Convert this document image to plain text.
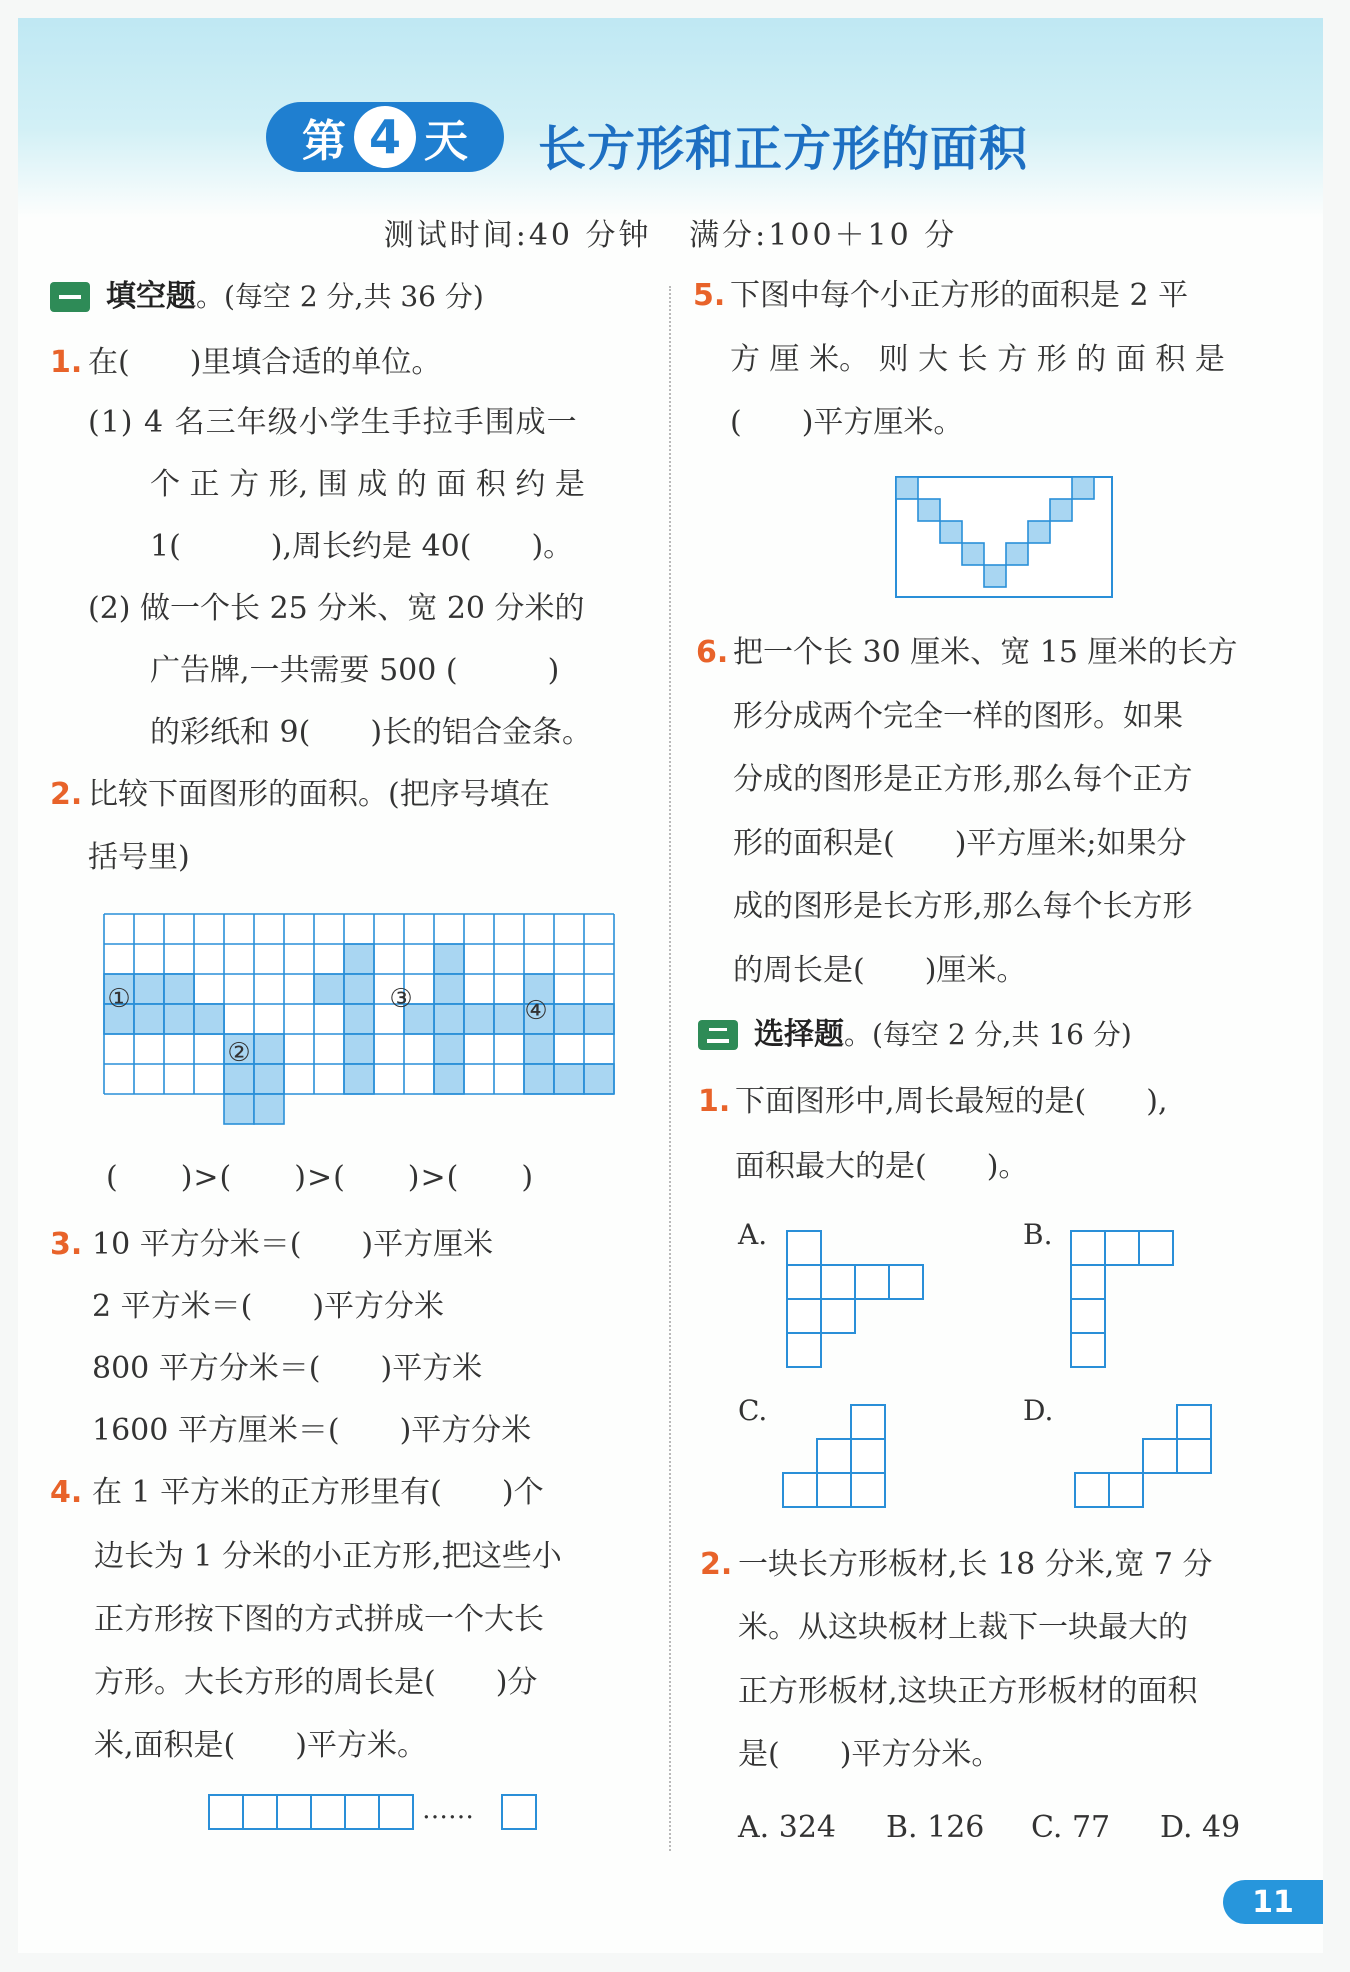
第 4 天 长方形和正方形的面积
测试时间:40 分钟   满分:100＋10 分
填空题 。(每空 2 分,共 36 分)
1. 在(　　)里填合适的单位。
(1) 4 名三年级小学生手拉手围成一
个 正 方 形, 围 成 的 面 积 约 是
1(　　　),周长约是 40(　　)。
(2) 做一个长 25 分米、宽 20 分米的
广告牌,一共需要 500 (　　　)
的彩纸和 9(　　)长的铝合金条。
2. 比较下面图形的面积。(把序号填在
括号里)
①
②
③	④
(　　)>(　　)>(　　)>(　　)
3. 10 平方分米＝(　　)平方厘米
2 平方米＝(　　)平方分米
800 平方分米＝(　　)平方米
1600 平方厘米＝(　　)平方分米
4. 在 1 平方米的正方形里有(　　)个
边长为 1 分米的小正方形,把这些小
正方形按下图的方式拼成一个大长
方形。大长方形的周长是(　　)分
米,面积是(　　)平方米。
……
5. 下图中每个小正方形的面积是 2 平
方 厘 米。 则 大 长 方 形 的 面 积 是
(　　)平方厘米。
6. 把一个长 30 厘米、宽 15 厘米的长方
形分成两个完全一样的图形。如果
分成的图形是正方形,那么每个正方
形的面积是(　　)平方厘米;如果分
成的图形是长方形,那么每个长方形
的周长是(　　)厘米。
选择题 。(每空 2 分,共 16 分)
1. 下面图形中,周长最短的是(　　),
面积最大的是(　　)。
A.	B.
C.	D.
2. 一块长方形板材,长 18 分米,宽 7 分
米。从这块板材上裁下一块最大的
正方形板材,这块正方形板材的面积
是(　　)平方分米。
A. 324 B. 126 C. 77 D. 49
11
